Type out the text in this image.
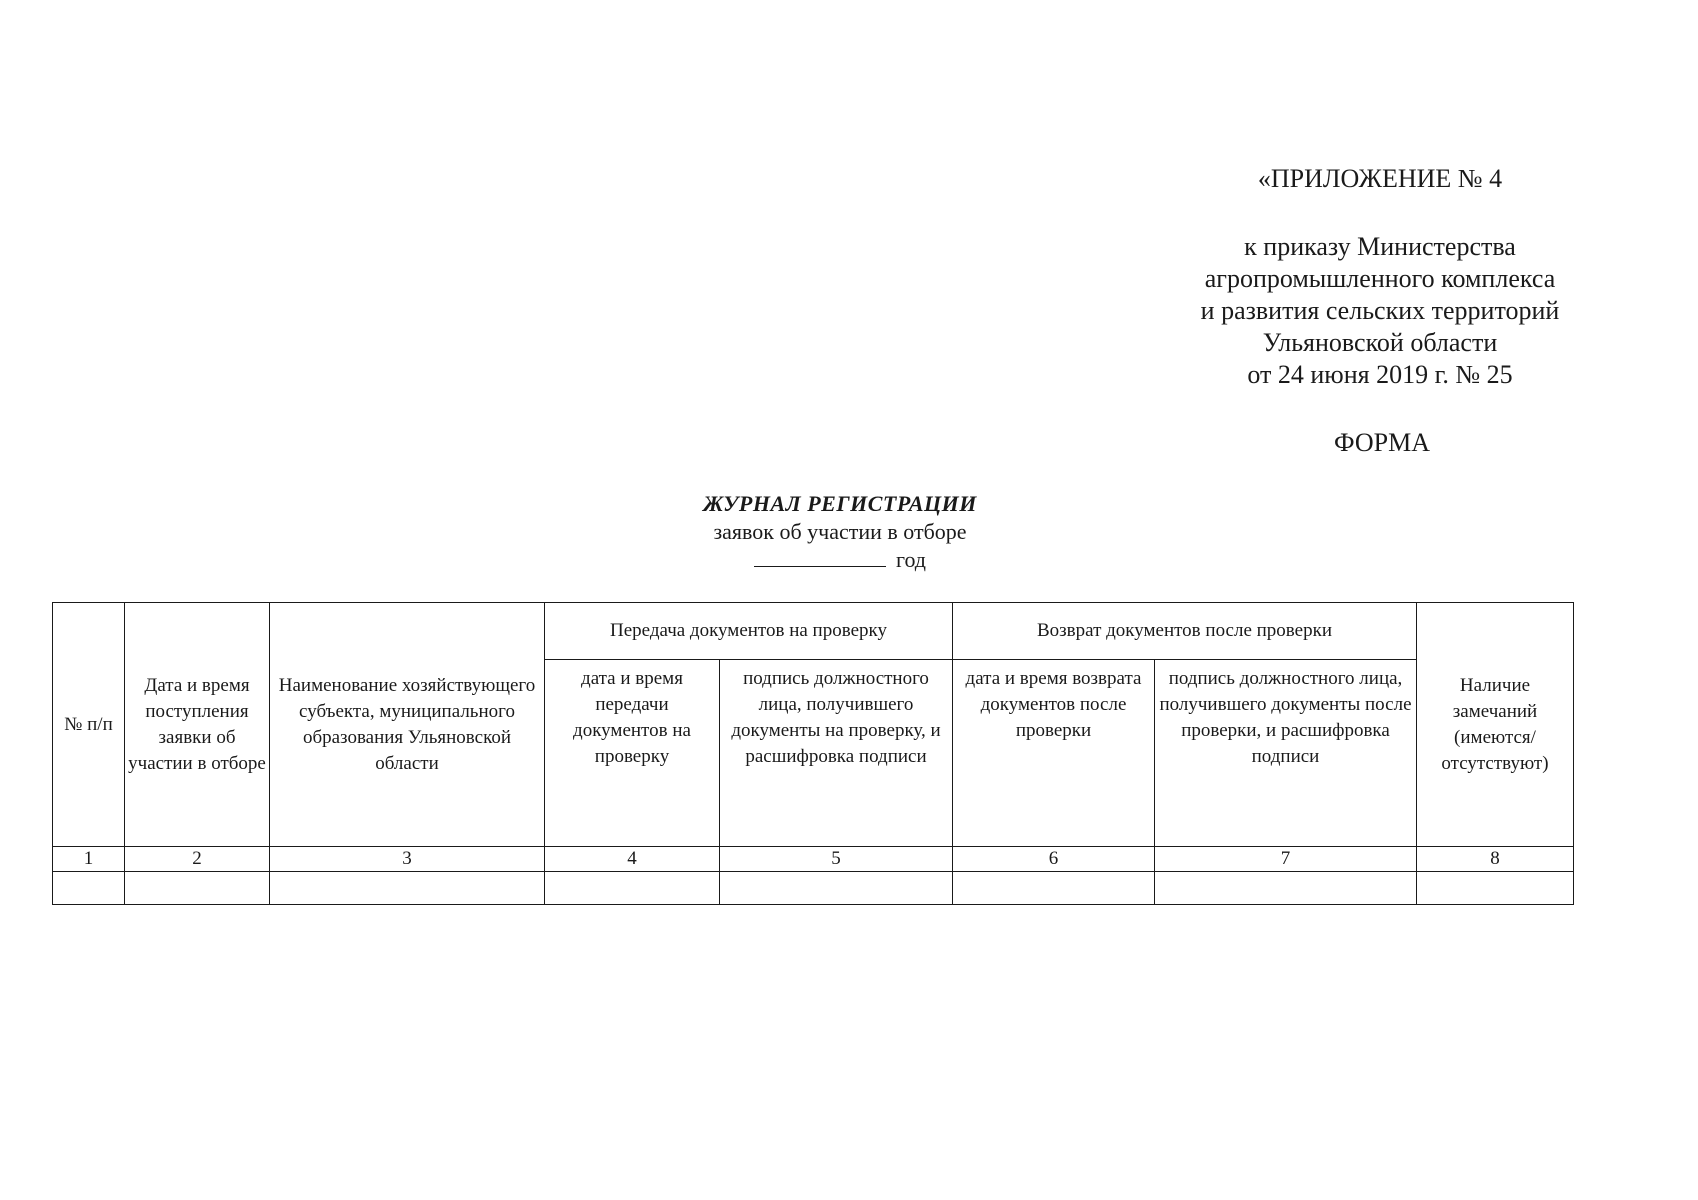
«ПРИЛОЖЕНИЕ № 4
к приказу Министерства
агропромышленного комплекса
и развития сельских территорий
Ульяновской области
от 24 июня 2019 г. № 25
ФОРМА
ЖУРНАЛ РЕГИСТРАЦИИ
заявок об участии в отборе
год
№ п/п	Дата и время поступления заявки об участии в отборе	Наименование хозяйствующего субъекта, муниципального образования Ульяновской области	Передача документов на проверку		Возврат документов после проверки		Наличие замечаний (имеются/ отсутствуют)
			дата и время передачи документов на проверку	подпись должностного лица, получившего документы на проверку, и расшифровка подписи	дата и время возврата документов после проверки	подпись должностного лица, получившего документы после проверки, и расшифровка подписи	
1	2	3	4	5	6	7	8
